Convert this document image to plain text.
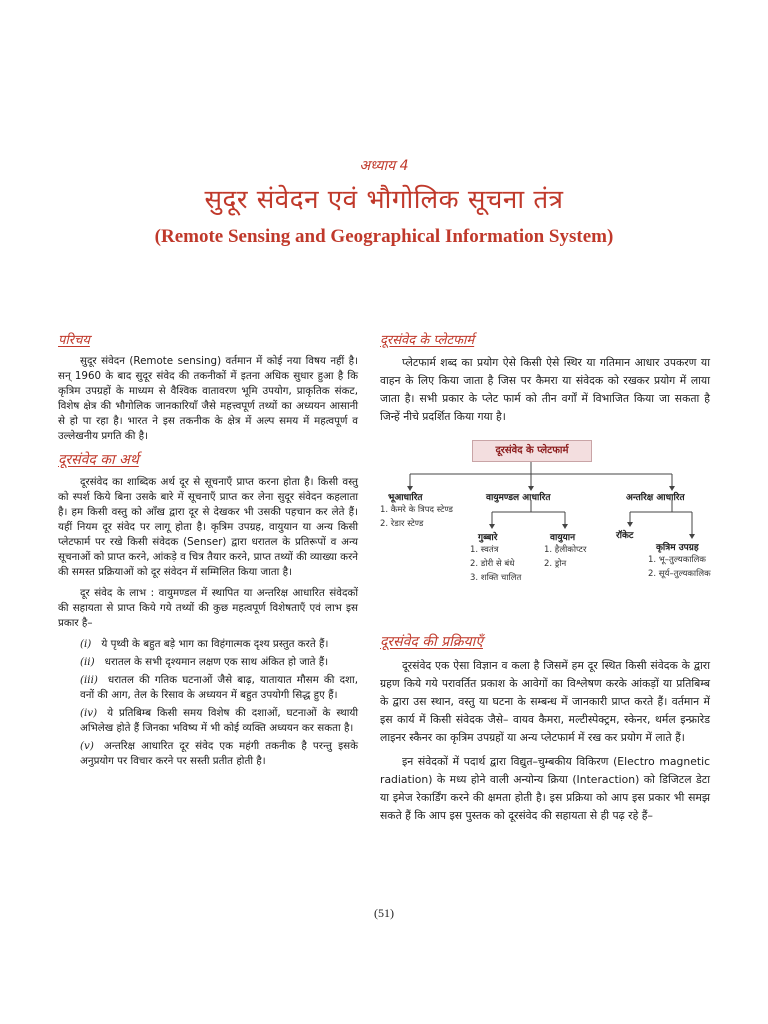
अध्याय 4
सुदूर संवेदन एवं भौगोलिक सूचना तंत्र
(Remote Sensing and Geographical Information System)
परिचय

सुदूर संवेदन (Remote sensing) वर्तमान में कोई नया विषय नहीं है। सन् 1960 के बाद सुदूर संवेद की तकनीकों में इतना अधिक सुधार हुआ है कि कृत्रिम उपग्रहों के माध्यम से वैश्विक वातावरण भूमि उपयोग, प्राकृतिक संकट, विशेष क्षेत्र की भौगोलिक जानकारियाँ जैसे महत्त्वपूर्ण तथ्यों का अध्ययन आसानी से हो पा रहा है। भारत ने इस तकनीक के क्षेत्र में अल्प समय में महत्वपूर्ण व उल्लेखनीय प्रगति की है।

दूरसंवेद का अर्थ

दूरसंवेद का शाब्दिक अर्थ दूर से सूचनाएँ प्राप्त करना होता है। किसी वस्तु को स्पर्श किये बिना उसके बारे में सूचनाएँ प्राप्त कर लेना सुदूर संवेदन कहलाता है। हम किसी वस्तु को आँख द्वारा दूर से देखकर भी उसकी पहचान कर लेते हैं। यहीं नियम दूर संवेद पर लागू होता है। कृत्रिम उपग्रह, वायुयान या अन्य किसी प्लेटफार्म पर रखे किसी संवेदक (Senser) द्वारा धरातल के प्रतिरूपों व अन्य सूचनाओं को प्राप्त करने, आंकड़े व चित्र तैयार करने, प्राप्त तथ्यों की व्याख्या करने की समस्त प्रक्रियाओं को दूर संवेदन में सम्मिलित किया जाता है।

दूर संवेद के लाभ : वायुमण्डल में स्थापित या अन्तरिक्ष आधारित संवेदकों की सहायता से प्राप्त किये गये तथ्यों की कुछ महत्वपूर्ण विशेषताएँ एवं लाभ इस प्रकार है–

(i) ये पृथ्वी के बहुत बड़े भाग का विहंगात्मक दृश्य प्रस्तुत करते हैं।

(ii) धरातल के सभी दृश्यमान लक्षण एक साथ अंकित हो जाते हैं।

(iii) धरातल की गतिक घटनाओं जैसे बाढ़, यातायात मौसम की दशा, वनों की आग, तेल के रिसाव के अध्ययन में बहुत उपयोगी सिद्ध हुए हैं।

(iv) ये प्रतिबिम्ब किसी समय विशेष की दशाओं, घटनाओं के स्थायी अभिलेख होते हैं जिनका भविष्य में भी कोई व्यक्ति अध्ययन कर सकता है।

(v) अन्तरिक्ष आधारित दूर संवेद एक महंगी तकनीक है परन्तु इसके अनुप्रयोग पर विचार करने पर सस्ती प्रतीत होती है।

दूरसंवेद के प्लेटफार्म

प्लेटफार्म शब्द का प्रयोग ऐसे किसी ऐसे स्थिर या गतिमान आधार उपकरण या वाहन के लिए किया जाता है जिस पर कैमरा या संवेदक को रखकर प्रयोग में लाया जाता है। सभी प्रकार के प्लेट फार्म को तीन वर्गों में विभाजित किया जा सकता है जिन्हें नीचे प्रदर्शित किया गया है।

दूरसंवेद के प्लेटफार्म
भूआधारित
1. कैमरे के त्रिपद स्टेण्ड
2. रेडार स्टेण्ड
वायुमण्डल आधारित
गुब्बारे
1. स्वतंत्र
2. डोरी से बंधे
3. शक्ति चालित
वायुयान
1. हैलीकोप्टर
2. ड्रोन
अन्तरिक्ष आधारित
रॉकेट
कृत्रिम उपग्रह
1. भू–तुल्यकालिक
2. सूर्य–तुल्यकालिक
दूरसंवेद की प्रक्रियाएँ

दूरसंवेद एक ऐसा विज्ञान व कला है जिसमें हम दूर स्थित किसी संवेदक के द्वारा ग्रहण किये गये परावर्तित प्रकाश के आवेगों का विश्लेषण करके आंकड़ों या प्रतिबिम्ब के द्वारा उस स्थान, वस्तु या घटना के सम्बन्ध में जानकारी प्राप्त करते हैं। वर्तमान में इस कार्य में किसी संवेदक जैसे– वायव कैमरा, मल्टीस्पेक्ट्रम, स्केनर, थर्मल इन्फ्रारेड लाइनर स्कैनर का कृत्रिम उपग्रहों या अन्य प्लेटफार्म में रख कर प्रयोग में लाते हैं।

इन संवेदकों में पदार्थ द्वारा विद्युत–चुम्बकीय विकिरण (Electro magnetic radiation) के मध्य होने वाली अन्योन्य क्रिया (Interaction) को डिजिटल डेटा या इमेज रेकार्डिंग करने की क्षमता होती है। इस प्रक्रिया को आप इस प्रकार भी समझ सकते हैं कि आप इस पुस्तक को दूरसंवेद की सहायता से ही पढ़ रहे हैं–

(51)
